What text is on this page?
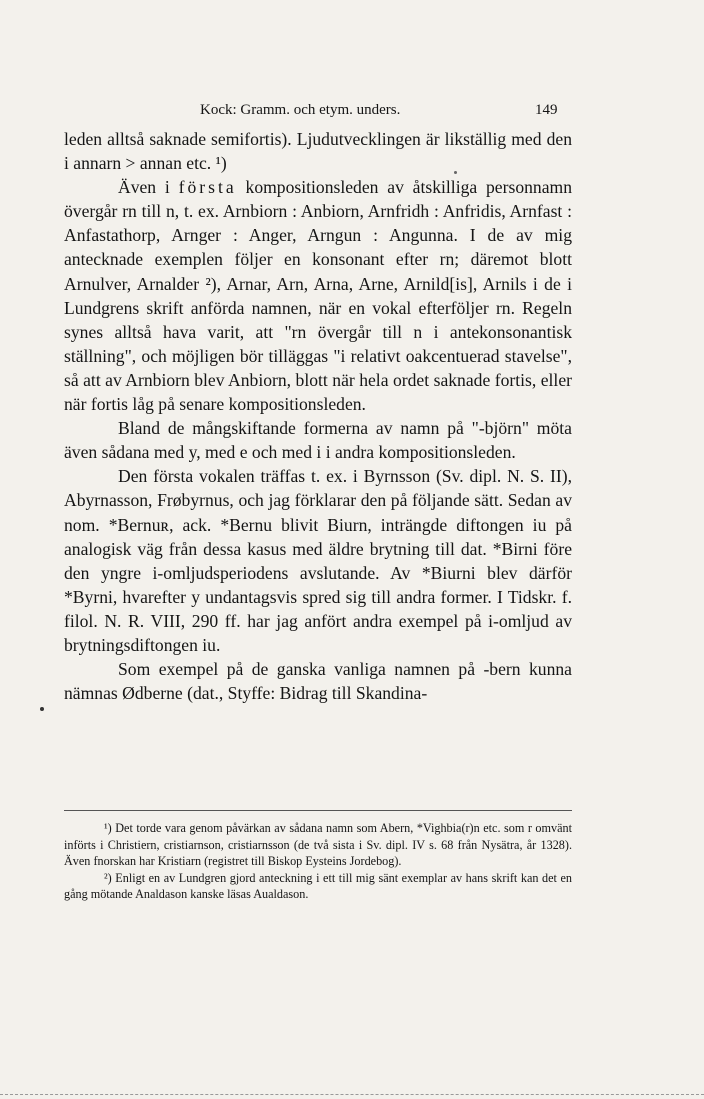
Kock: Gramm. och etym. unders.	149

leden alltså saknade semifortis). Ljudutvecklingen är likställig med den i annarn > annan etc. ¹)

Även i första kompositionsleden av åtskilliga personnamn övergår rn till n, t. ex. Arnbiorn : Anbiorn, Arnfridh : Anfridis, Arnfast : Anfastathorp, Arnger : Anger, Arngun : Angunna. I de av mig antecknade exemplen följer en konsonant efter rn; däremot blott Arnulver, Arnalder ²), Arnar, Arn, Arna, Arne, Arnild[is], Arnils i de i Lundgrens skrift anförda namnen, när en vokal efterföljer rn. Regeln synes alltså hava varit, att "rn övergår till n i antekonsonantisk ställning", och möjligen bör tilläggas "i relativt oakcentuerad stavelse", så att av Arnbiorn blev Anbiorn, blott när hela ordet saknade fortis, eller när fortis låg på senare kompositionsleden.

Bland de mångskiftande formerna av namn på "-björn" möta även sådana med y, med e och med i i andra kompositionsleden.

Den första vokalen träffas t. ex. i Byrnsson (Sv. dipl. N. S. II), Abyrnasson, Frøbyrnus, och jag förklarar den på följande sätt. Sedan av nom. *Bernuʀ, ack. *Bernu blivit Biurn, inträngde diftongen iu på analogisk väg från dessa kasus med äldre brytning till dat. *Birni före den yngre i-omljudsperiodens avslutande. Av *Biurni blev därför *Byrni, hvarefter y undantagsvis spred sig till andra former. I Tidskr. f. filol. N. R. VIII, 290 ff. har jag anfört andra exempel på i-omljud av brytningsdiftongen iu.

Som exempel på de ganska vanliga namnen på -bern kunna nämnas Ødberne (dat., Styffe: Bidrag till Skandina-

¹) Det torde vara genom påvärkan av sådana namn som Abern, *Vighbia(r)n etc. som r omvänt införts i Christiern, cristiarnson, cristiarnsson (de två sista i Sv. dipl. IV s. 68 från Nysätra, år 1328). Även fnorskan har Kristiarn (registret till Biskop Eysteins Jordebog).

²) Enligt en av Lundgren gjord anteckning i ett till mig sänt exemplar av hans skrift kan det en gång mötande Analdason kanske läsas Aualdason.
